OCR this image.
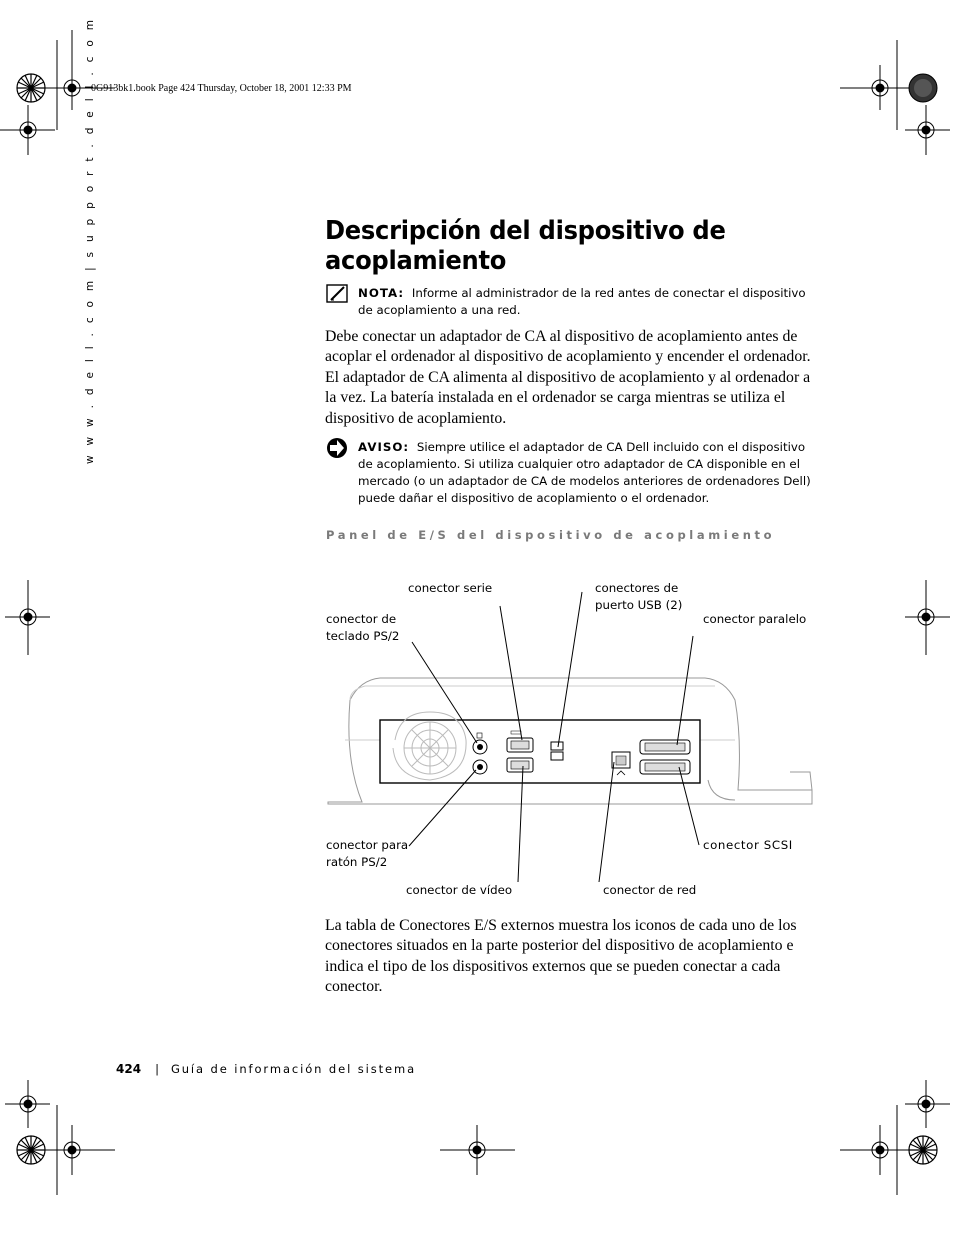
0G913bk1.book Page 424 Thursday, October 18, 2001 12:33 PM
w w w . d e l l . c o m | s u p p o r t . d e l l . c o m	Descripción del dispositivo de acoplamiento
NOTA: Informe al administrador de la red antes de conectar el dispositivo de acoplamiento a una red.

Debe conectar un adaptador de CA al dispositivo de acoplamiento antes de acoplar el ordenador al dispositivo de acoplamiento y encender el ordenador. El adaptador de CA alimenta al dispositivo de acoplamiento y al ordenador a la vez. La batería instalada en el ordenador se carga mientras se utiliza el dispositivo de acoplamiento.

AVISO: Siempre utilice el adaptador de CA Dell incluido con el dispositivo de acoplamiento. Si utiliza cualquier otro adaptador de CA disponible en el mercado (o un adaptador de CA de modelos anteriores de ordenadores Dell) puede dañar el dispositivo de acoplamiento o el ordenador.
Panel de E/S del dispositivo de acoplamiento
conector serie	conectores de
puerto USB (2)
conector de
teclado PS/2
conector paralelo
conector para
ratón PS/2
conector SCSI
conector de vídeo	conector de red

La tabla de Conectores E/S externos muestra los iconos de cada uno de los conectores situados en la parte posterior del dispositivo de acoplamiento e indica el tipo de los dispositivos externos que se pueden conectar a cada conector.

424 | Guía de información del sistema
